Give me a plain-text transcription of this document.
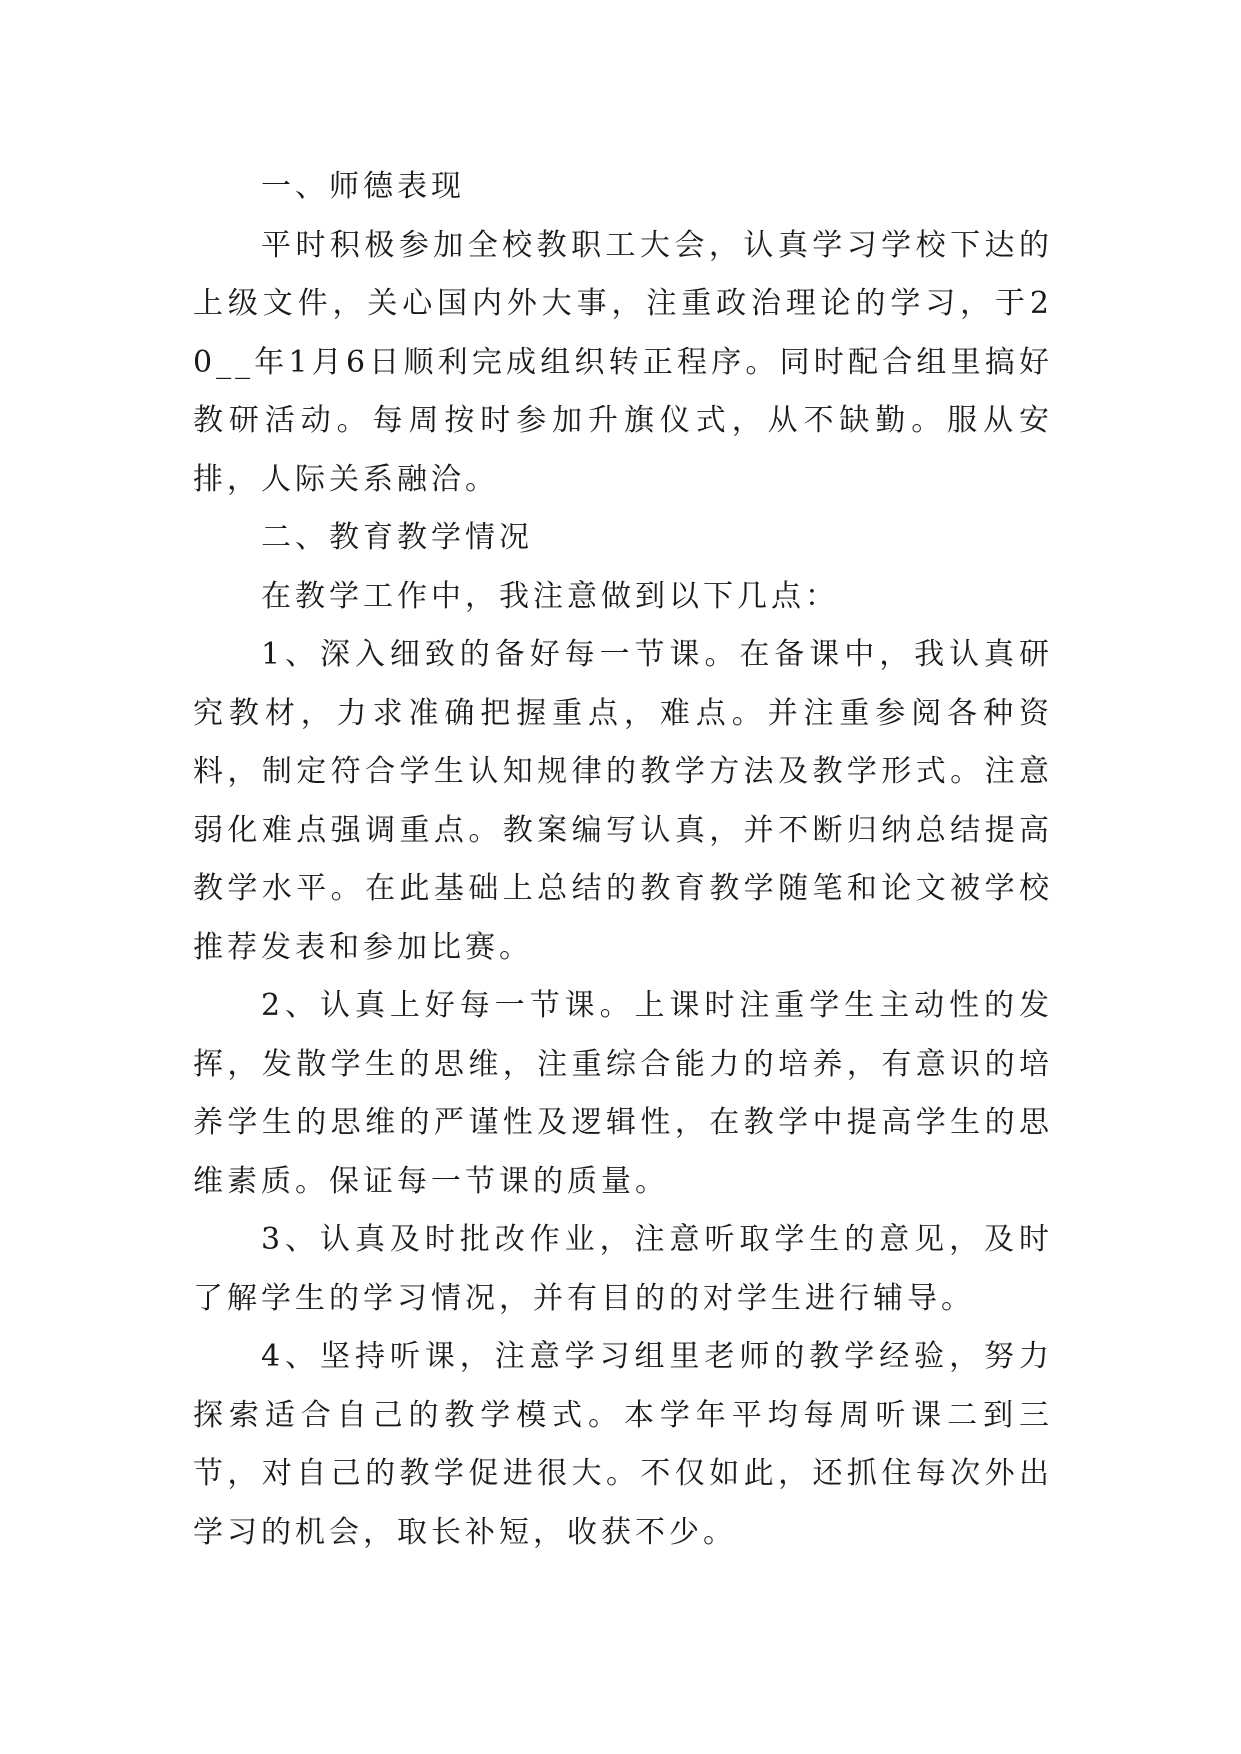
一、师德表现

平时积极参加全校教职工大会，认真学习学校下达的上级文件，关心国内外大事，注重政治理论的学习，于20__年1月6日顺利完成组织转正程序。同时配合组里搞好教研活动。每周按时参加升旗仪式，从不缺勤。服从安排，人际关系融洽。

二、教育教学情况

在教学工作中，我注意做到以下几点：

1、深入细致的备好每一节课。在备课中，我认真研究教材，力求准确把握重点，难点。并注重参阅各种资料，制定符合学生认知规律的教学方法及教学形式。注意弱化难点强调重点。教案编写认真，并不断归纳总结提高教学水平。在此基础上总结的教育教学随笔和论文被学校推荐发表和参加比赛。

2、认真上好每一节课。上课时注重学生主动性的发挥，发散学生的思维，注重综合能力的培养，有意识的培养学生的思维的严谨性及逻辑性，在教学中提高学生的思维素质。保证每一节课的质量。

3、认真及时批改作业，注意听取学生的意见，及时了解学生的学习情况，并有目的的对学生进行辅导。

4、坚持听课，注意学习组里老师的教学经验，努力探索适合自己的教学模式。本学年平均每周听课二到三节，对自己的教学促进很大。不仅如此，还抓住每次外出学习的机会，取长补短，收获不少。
